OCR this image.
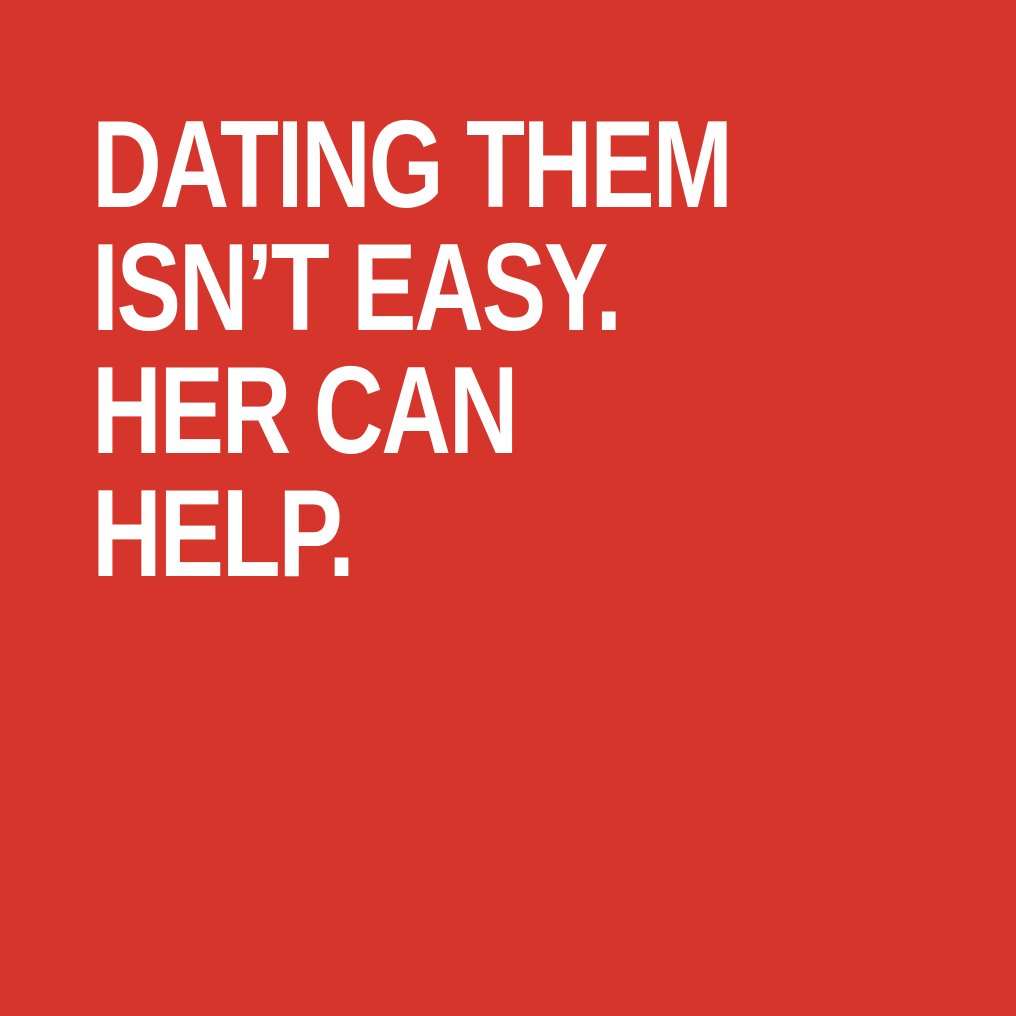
DATING THEM
ISN’T EASY.
HER CAN
HELP.
